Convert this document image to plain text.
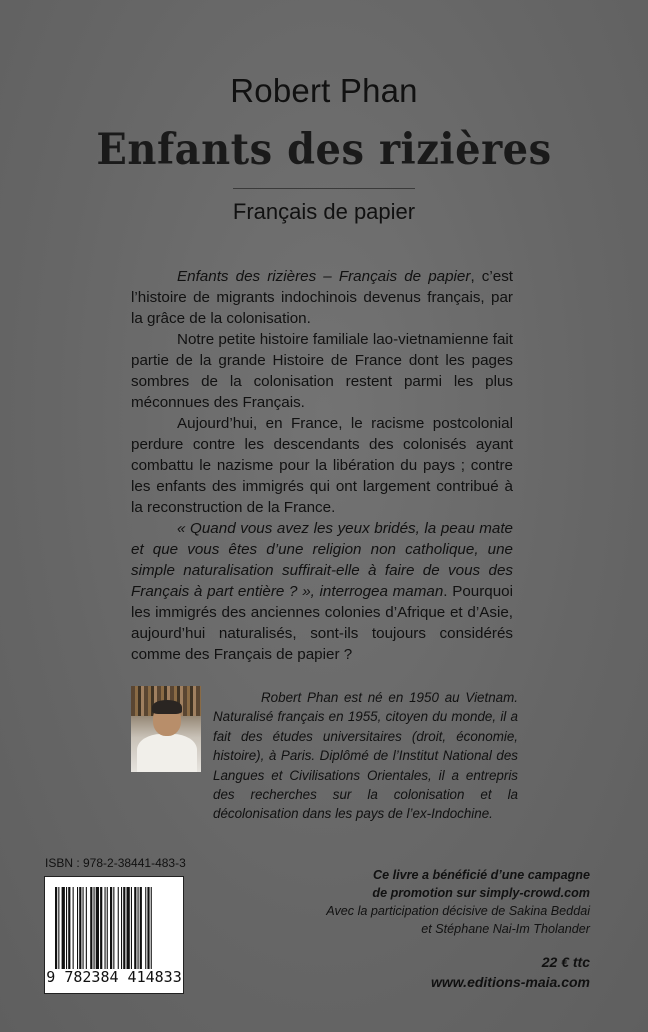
Robert Phan
Enfants des rizières
Français de papier

Enfants des rizières – Français de papier, c’est l’histoire de migrants indochinois devenus français, par la grâce de la colonisation.

Notre petite histoire familiale lao-vietnamienne fait partie de la grande Histoire de France dont les pages sombres de la colonisation restent parmi les plus méconnues des Français.

Aujourd’hui, en France, le racisme postcolonial perdure contre les descendants des colonisés ayant combattu le nazisme pour la libération du pays ; contre les enfants des immigrés qui ont largement contribué à la reconstruction de la France.

« Quand vous avez les yeux bridés, la peau mate et que vous êtes d’une religion non catholique, une simple naturalisation suffirait-elle à faire de vous des Français à part entière ? », interrogea maman. Pourquoi les immigrés des anciennes colonies d’Afrique et d’Asie, aujourd’hui naturalisés, sont-ils toujours considérés comme des Français de papier ?

Robert Phan est né en 1950 au Vietnam. Naturalisé français en 1955, citoyen du monde, il a fait des études universitaires (droit, économie, histoire), à Paris. Diplômé de l’Institut National des Langues et Civilisations Orientales, il a entrepris des recherches sur la colonisation et la décolonisation dans les pays de l’ex-Indochine.

ISBN : 978-2-38441-483-3
9 782384 414833
Ce livre a bénéficié d’une campagne
de promotion sur simply-crowd.com
Avec la participation décisive de Sakina Beddai
et Stéphane Nai-Im Tholander
22 € ttc
www.editions-maia.com
